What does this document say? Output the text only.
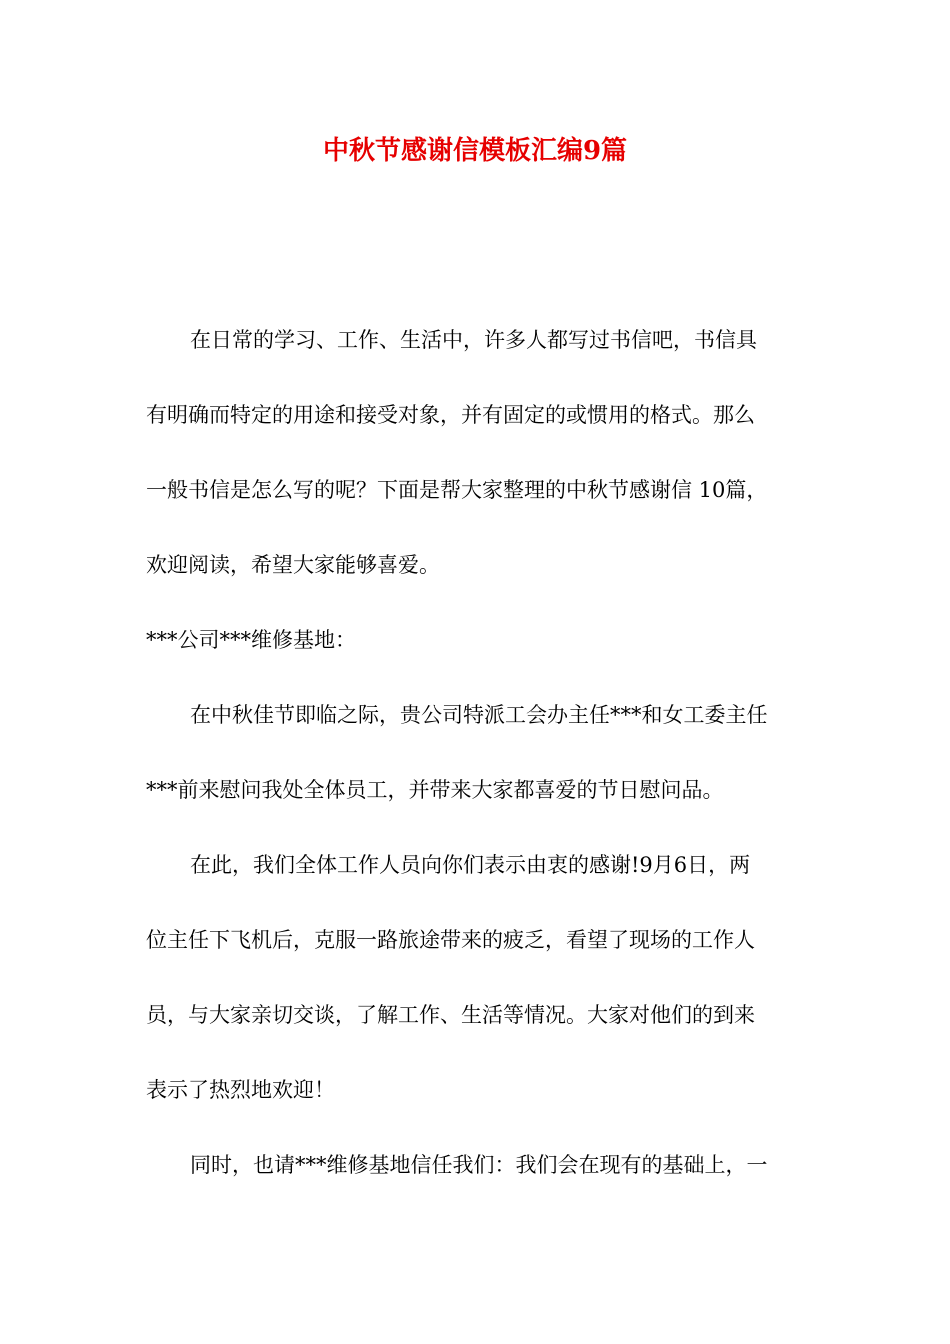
中秋节感谢信模板汇编9篇
在日常的学习、工作、生活中，许多人都写过书信吧，书信具
有明确而特定的用途和接受对象，并有固定的或惯用的格式。那么
一般书信是怎么写的呢？下面是帮大家整理的中秋节感谢信 10篇，
欢迎阅读，希望大家能够喜爱。
***公司***维修基地：
在中秋佳节即临之际，贵公司特派工会办主任***和女工委主任
***前来慰问我处全体员工，并带来大家都喜爱的节日慰问品。
在此，我们全体工作人员向你们表示由衷的感谢!9月6日，两
位主任下飞机后，克服一路旅途带来的疲乏，看望了现场的工作人
员，与大家亲切交谈，了解工作、生活等情况。大家对他们的到来
表示了热烈地欢迎！
同时，也请***维修基地信任我们：我们会在现有的基础上，一
